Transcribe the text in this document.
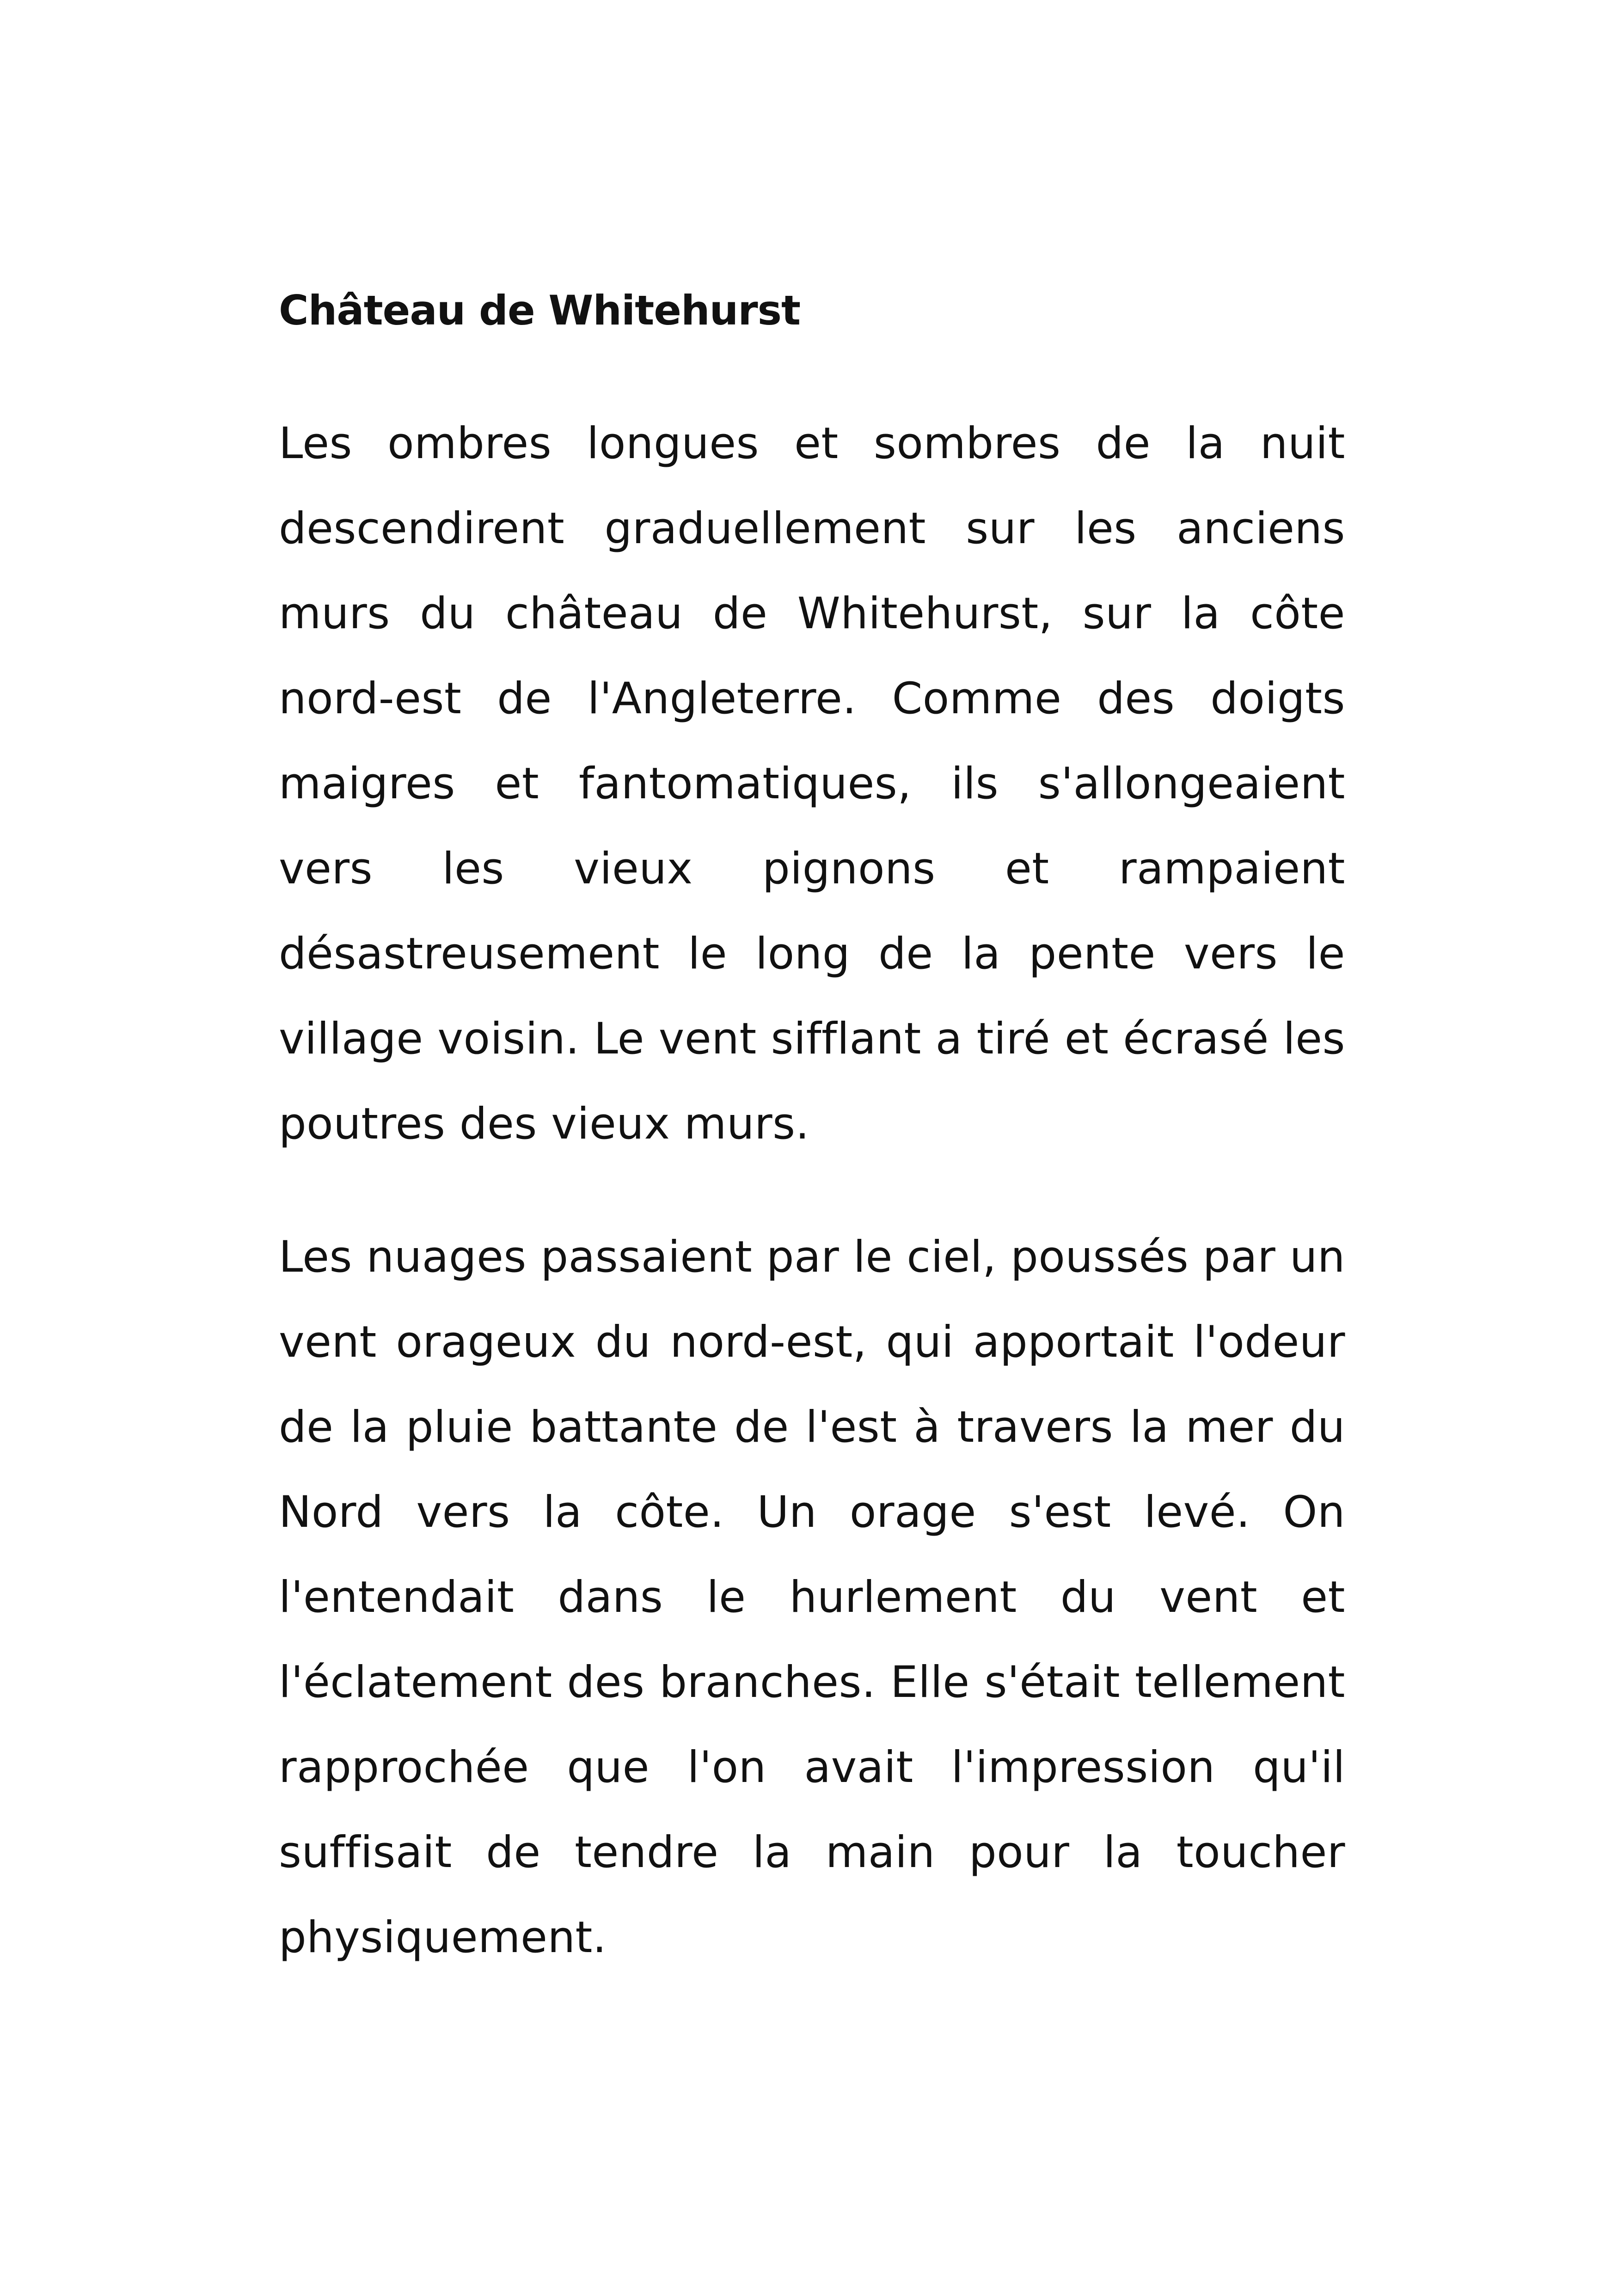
Château de Whitehurst

Les ombres longues et sombres de la nuit descendirent graduellement sur les anciens murs du château de Whitehurst, sur la côte nord-est de l'Angleterre. Comme des doigts maigres et fantomatiques, ils s'allongeaient vers les vieux pignons et rampaient désastreusement le long de la pente vers le village voisin. Le vent sifflant a tiré et écrasé les poutres des vieux murs.

Les nuages passaient par le ciel, poussés par un vent orageux du nord-est, qui apportait l'odeur de la pluie battante de l'est à travers la mer du Nord vers la côte. Un orage s'est levé. On l'entendait dans le hurlement du vent et l'éclatement des branches. Elle s'était tellement rapprochée que l'on avait l'impression qu'il suffisait de tendre la main pour la toucher physiquement.
